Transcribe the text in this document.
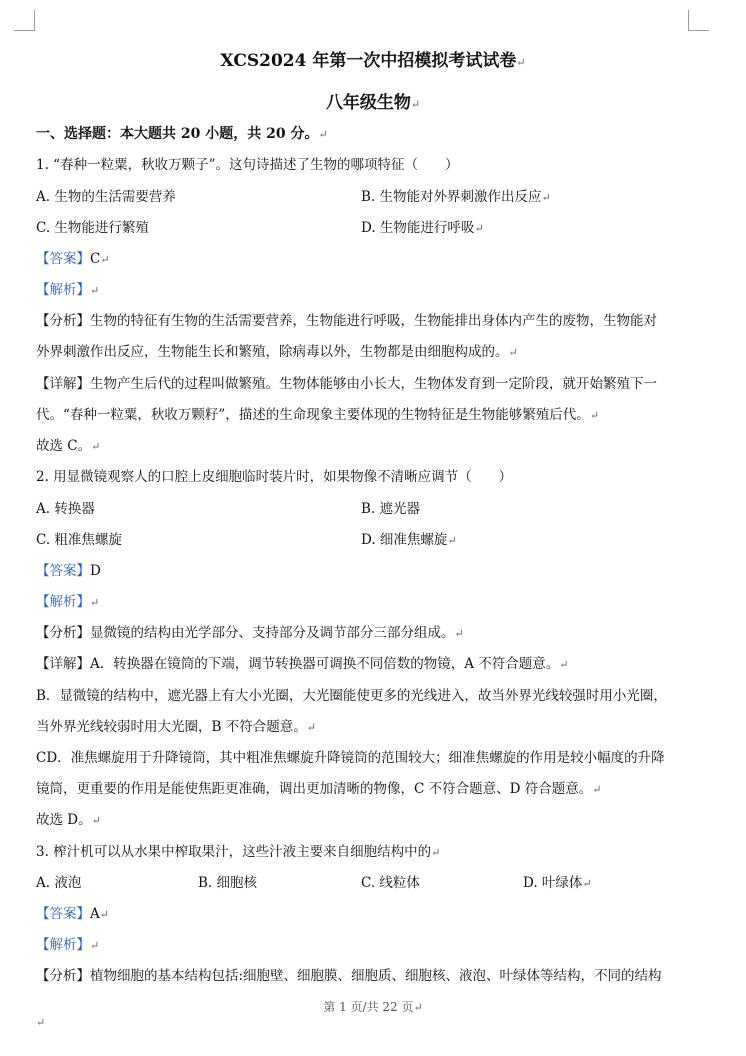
XCS2024 年第一次中招模拟考试试卷↵
八年级生物↵
一、选择题：本大题共 20 小题，共 20 分。↵
1. “春种一粒粟，秋收万颗子”。这句诗描述了生物的哪项特征（　　）
A. 生物的生活需要营养	B. 生物能对外界刺激作出反应↵
C. 生物能进行繁殖	D. 生物能进行呼吸↵
【答案】C↵
【解析】↵
【分析】生物的特征有生物的生活需要营养，生物能进行呼吸，生物能排出身体内产生的废物，生物能对
外界刺激作出反应，生物能生长和繁殖，除病毒以外，生物都是由细胞构成的。↵
【详解】生物产生后代的过程叫做繁殖。生物体能够由小长大，生物体发育到一定阶段，就开始繁殖下一
代。“春种一粒粟，秋收万颗籽”，描述的生命现象主要体现的生物特征是生物能够繁殖后代。↵
故选 C。↵
2. 用显微镜观察人的口腔上皮细胞临时装片时，如果物像不清晰应调节（　　）
A. 转换器	B. 遮光器
C. 粗准焦螺旋	D. 细准焦螺旋↵
【答案】D
【解析】↵
【分析】显微镜的结构由光学部分、支持部分及调节部分三部分组成。↵
【详解】A．转换器在镜筒的下端，调节转换器可调换不同倍数的物镜，A 不符合题意。↵
B．显微镜的结构中，遮光器上有大小光圈，大光圈能使更多的光线进入，故当外界光线较强时用小光圈，
当外界光线较弱时用大光圈，B 不符合题意。↵
CD．准焦螺旋用于升降镜筒，其中粗准焦螺旋升降镜筒的范围较大；细准焦螺旋的作用是较小幅度的升降
镜筒，更重要的作用是能使焦距更准确，调出更加清晰的物像，C 不符合题意、D 符合题意。↵
故选 D。↵
3. 榨汁机可以从水果中榨取果汁，这些汁液主要来自细胞结构中的↵
A. 液泡	B. 细胞核	C. 线粒体	D. 叶绿体↵
【答案】A↵
【解析】↵
【分析】植物细胞的基本结构包括:细胞壁、细胞膜、细胞质、细胞核、液泡、叶绿体等结构，不同的结构
第 1 页/共 22 页↵
↵
